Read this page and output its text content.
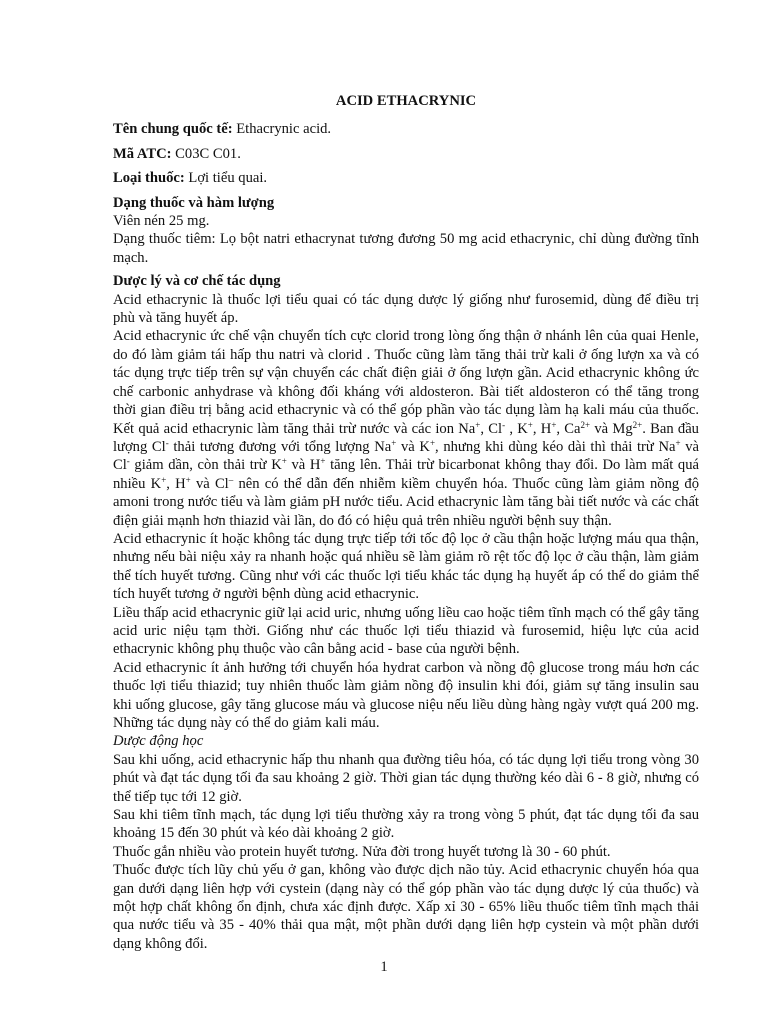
ACID ETHACRYNIC

Tên chung quốc tế: Ethacrynic acid.

Mã ATC: C03C C01.

Loại thuốc: Lợi tiểu quai.

Dạng thuốc và hàm lượng

Viên nén 25 mg.

Dạng thuốc tiêm: Lọ bột natri ethacrynat tương đương 50 mg acid ethacrynic, chỉ dùng đường tĩnh mạch.

Dược lý và cơ chế tác dụng

Acid ethacrynic là thuốc lợi tiểu quai có tác dụng dược lý giống như furosemid, dùng để điều trị phù và tăng huyết áp.

Acid ethacrynic ức chế vận chuyển tích cực clorid trong lòng ống thận ở nhánh lên của quai Henle, do đó làm giảm tái hấp thu natri và clorid . Thuốc cũng làm tăng thải trừ kali ở ống lượn xa và có tác dụng trực tiếp trên sự vận chuyển các chất điện giải ở ống lượn gần. Acid ethacrynic không ức chế carbonic anhydrase và không đối kháng với aldosteron. Bài tiết aldosteron có thể tăng trong thời gian điều trị bằng acid ethacrynic và có thể góp phần vào tác dụng làm hạ kali máu của thuốc. Kết quả acid ethacrynic làm tăng thải trừ nước và các ion Na+, Cl- , K+, H+, $Ca^{2+}$ và $Mg^{2+}$. Ban đầu lượng Cl- thải tương đương với tổng lượng Na+ và K+, nhưng khi dùng kéo dài thì thải trừ Na+ và Cl- giảm dần, còn thải trừ K+ và H+ tăng lên. Thải trừ bicarbonat không thay đổi. Do làm mất quá nhiều K+, H+ và Cl– nên có thể dẫn đến nhiễm kiềm chuyển hóa. Thuốc cũng làm giảm nồng độ amoni trong nước tiểu và làm giảm pH nước tiểu. Acid ethacrynic làm tăng bài tiết nước và các chất điện giải mạnh hơn thiazid vài lần, do đó có hiệu quả trên nhiều người bệnh suy thận.

Acid ethacrynic ít hoặc không tác dụng trực tiếp tới tốc độ lọc ở cầu thận hoặc lượng máu qua thận, nhưng nếu bài niệu xảy ra nhanh hoặc quá nhiều sẽ làm giảm rõ rệt tốc độ lọc ở cầu thận, làm giảm thể tích huyết tương. Cũng như với các thuốc lợi tiểu khác tác dụng hạ huyết áp có thể do giảm thể tích huyết tương ở người bệnh dùng acid ethacrynic.

Liều thấp acid ethacrynic giữ lại acid uric, nhưng uống liều cao hoặc tiêm tĩnh mạch có thể gây tăng acid uric niệu tạm thời. Giống như các thuốc lợi tiểu thiazid và furosemid, hiệu lực của acid ethacrynic không phụ thuộc vào cân bằng acid - base của người bệnh.

Acid ethacrynic ít ảnh hưởng tới chuyển hóa hydrat carbon và nồng độ glucose trong máu hơn các thuốc lợi tiểu thiazid; tuy nhiên thuốc làm giảm nồng độ insulin khi đói, giảm sự tăng insulin sau khi uống glucose, gây tăng glucose máu và glucose niệu nếu liều dùng hàng ngày vượt quá 200 mg. Những tác dụng này có thể do giảm kali máu.

Dược động học

Sau khi uống, acid ethacrynic hấp thu nhanh qua đường tiêu hóa, có tác dụng lợi tiểu trong vòng 30 phút và đạt tác dụng tối đa sau khoảng 2 giờ. Thời gian tác dụng thường kéo dài 6 - 8 giờ, nhưng có thể tiếp tục tới 12 giờ.

Sau khi tiêm tĩnh mạch, tác dụng lợi tiểu thường xảy ra trong vòng 5 phút, đạt tác dụng tối đa sau khoảng 15 đến 30 phút và kéo dài khoảng 2 giờ.

Thuốc gắn nhiều vào protein huyết tương. Nửa đời trong huyết tương là 30 - 60 phút.

Thuốc được tích lũy chủ yếu ở gan, không vào được dịch não tủy. Acid ethacrynic chuyển hóa qua gan dưới dạng liên hợp với cystein (dạng này có thể góp phần vào tác dụng dược lý của thuốc) và một hợp chất không ổn định, chưa xác định được. Xấp xỉ 30 - 65% liều thuốc tiêm tĩnh mạch thải qua nước tiểu và 35 - 40% thải qua mật, một phần dưới dạng liên hợp cystein và một phần dưới dạng không đổi.

1
